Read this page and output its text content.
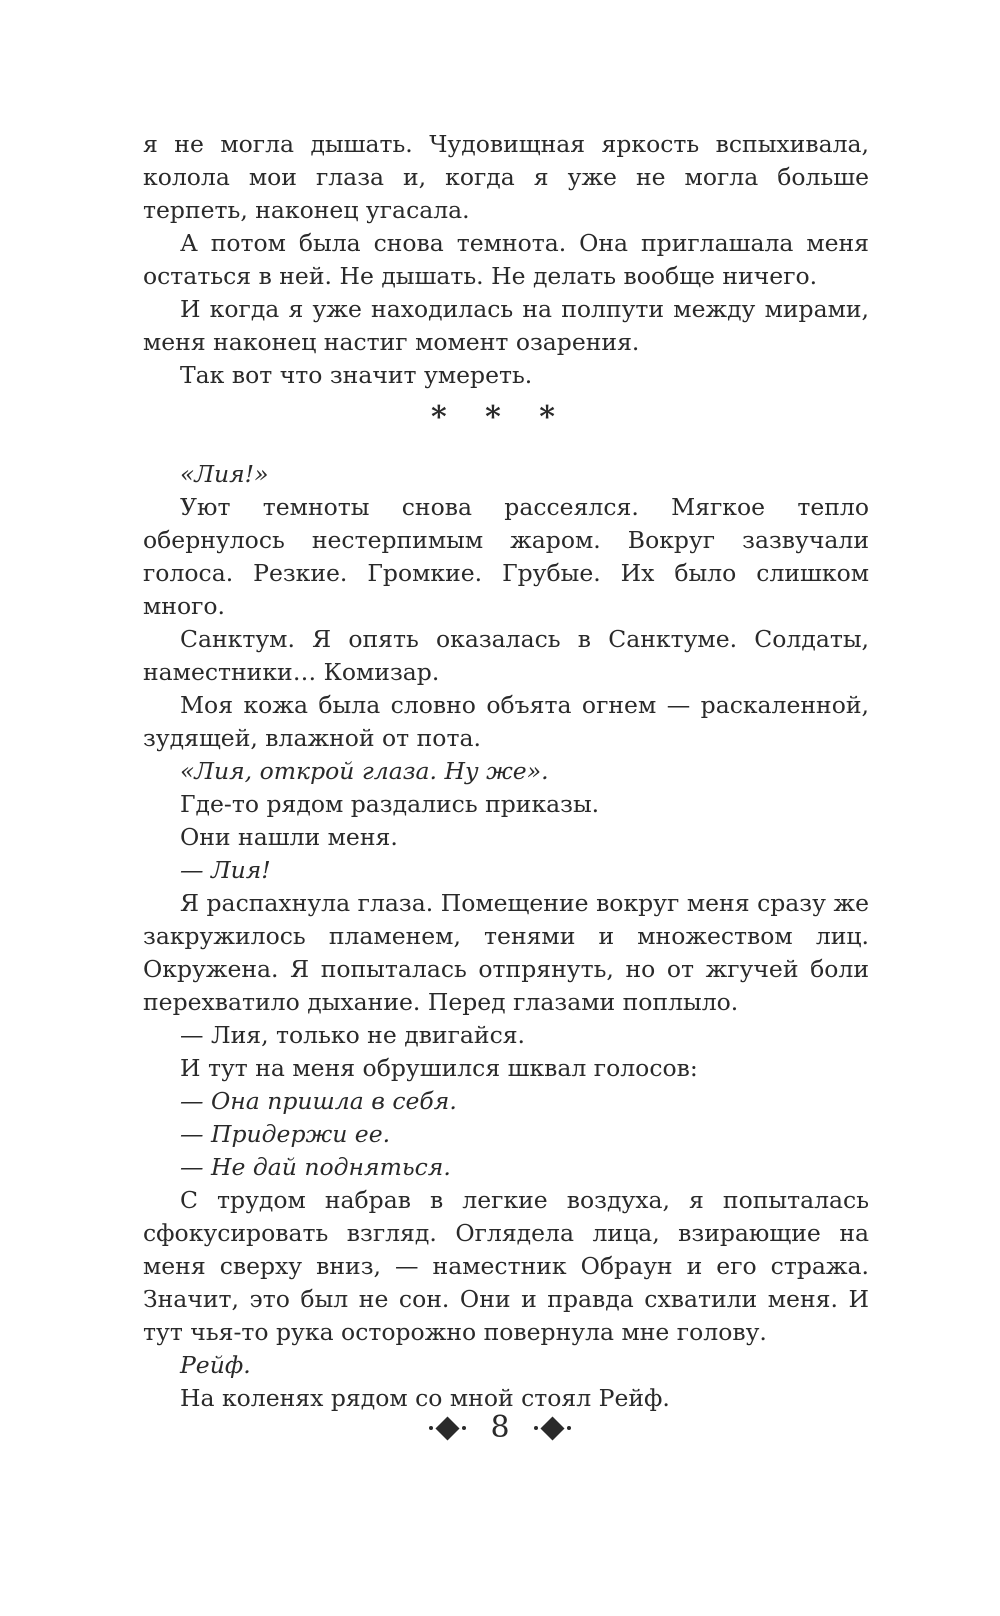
я не могла дышать. Чудовищная яркость вспыхивала, колола мои глаза и, когда я уже не могла больше терпеть, наконец угасала.

А потом была снова темнота. Она приглашала меня остаться в ней. Не дышать. Не делать вообще ничего.

И когда я уже находилась на полпути между мирами, меня наконец настиг момент озарения.

Так вот что значит умереть.

* * *

«Лия!»

Уют темноты снова рассеялся. Мягкое тепло обернулось нестерпимым жаром. Вокруг зазвучали голоса. Резкие. Громкие. Грубые. Их было слишком много.

Санктум. Я опять оказалась в Санктуме. Солдаты, наместники… Комизар.

Моя кожа была словно объята огнем — раскаленной, зудящей, влажной от пота.

«Лия, открой глаза. Ну же».

Где-то рядом раздались приказы.

Они нашли меня.

— Лия!

Я распахнула глаза. Помещение вокруг меня сразу же закружилось пламенем, тенями и множеством лиц. Окружена. Я попыталась отпрянуть, но от жгучей боли перехватило дыхание. Перед глазами поплыло.

— Лия, только не двигайся.

И тут на меня обрушился шквал голосов:

— Она пришла в себя.

— Придержи ее.

— Не дай подняться.

С трудом набрав в легкие воздуха, я попыталась сфокусировать взгляд. Оглядела лица, взирающие на меня сверху вниз, — наместник Обраун и его стража. Значит, это был не сон. Они и правда схватили меня. И тут чья-то рука осторожно повернула мне голову.

Рейф.

На коленях рядом со мной стоял Рейф.

8
